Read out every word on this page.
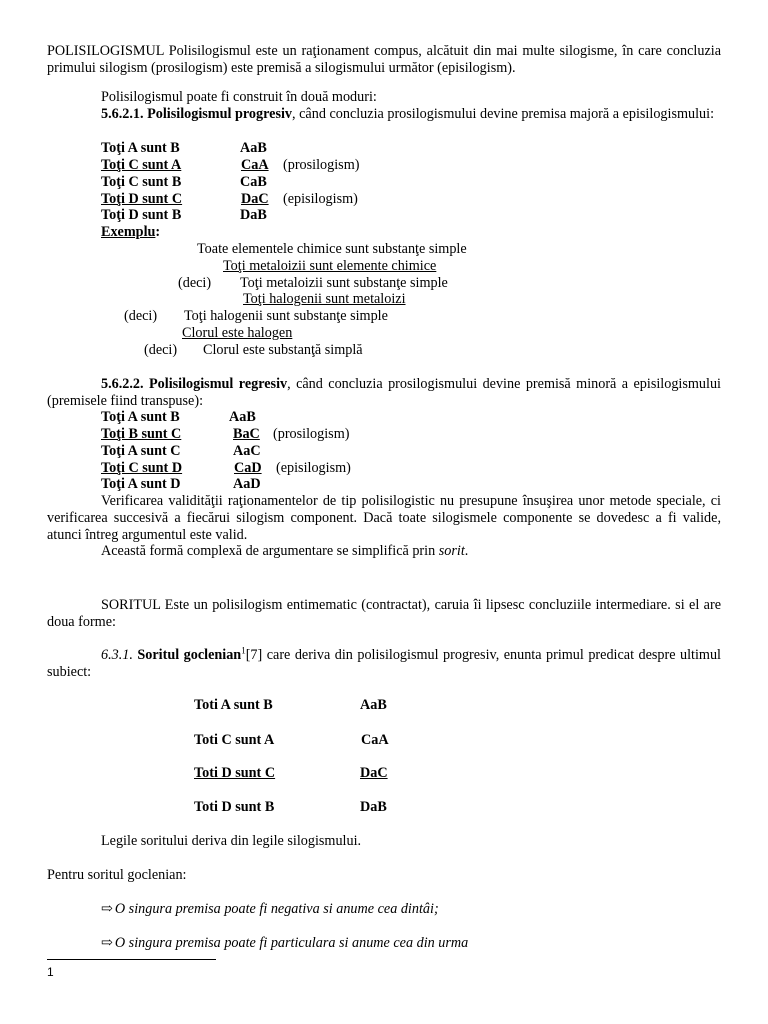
POLISILOGISMUL Polisilogismul este un raţionament compus, alcătuit din mai multe silogisme, în care concluzia primului silogism (prosilogism) este premisă a silogismului următor (episilogism).
Polisilogismul poate fi construit în două moduri:
5.6.2.1. Polisilogismul progresiv, când concluzia prosilogismului devine premisa majoră a episilogismului:
Toţi A sunt B	AaB
Toţi C sunt A	CaA (prosilogism)
Toţi C sunt B	CaB
Toţi D sunt C	DaC (episilogism)
Toţi D sunt B	DaB
Exemplu:
Toate elementele chimice sunt substanţe simple
Toţi metaloizii sunt elemente chimice
(deci) Toţi metaloizii sunt substanţe simple
Toţi halogenii sunt metaloizi
(deci) Toţi halogenii sunt substanţe simple
Clorul este halogen
(deci) Clorul este substanţă simplă
5.6.2.2. Polisilogismul regresiv, când concluzia prosilogismului devine premisă minoră a episilogismului (premisele fiind transpuse):
Toţi A sunt B	AaB
Toţi B sunt C	BaC (prosilogism)
Toţi A sunt C	AaC
Toţi C sunt D	CaD (episilogism)
Toţi A sunt D	AaD
Verificarea validităţii raţionamentelor de tip polisilogistic nu presupune însuşirea unor metode speciale, ci verificarea succesivă a fiecărui silogism component. Dacă toate silogismele componente se dovedesc a fi valide, atunci întreg argumentul este valid.
Această formă complexă de argumentare se simplifică prin sorit.
SORITUL Este un polisilogism entimematic (contractat), caruia îi lipsesc concluziile intermediare. si el are doua forme:
6.3.1. Soritul goclenian$^1$[7] care deriva din polisilogismul progresiv, enunta primul predicat despre ultimul subiect:
Toti A sunt B	AaB
Toti C sunt A	CaA
Toti D sunt C	DaC
Toti D sunt B	DaB
Legile soritului deriva din legile silogismului.
Pentru soritul goclenian:
⇨ O singura premisa poate fi negativa si anume cea dintâi;
⇨ O singura premisa poate fi particulara si anume cea din urma
1
